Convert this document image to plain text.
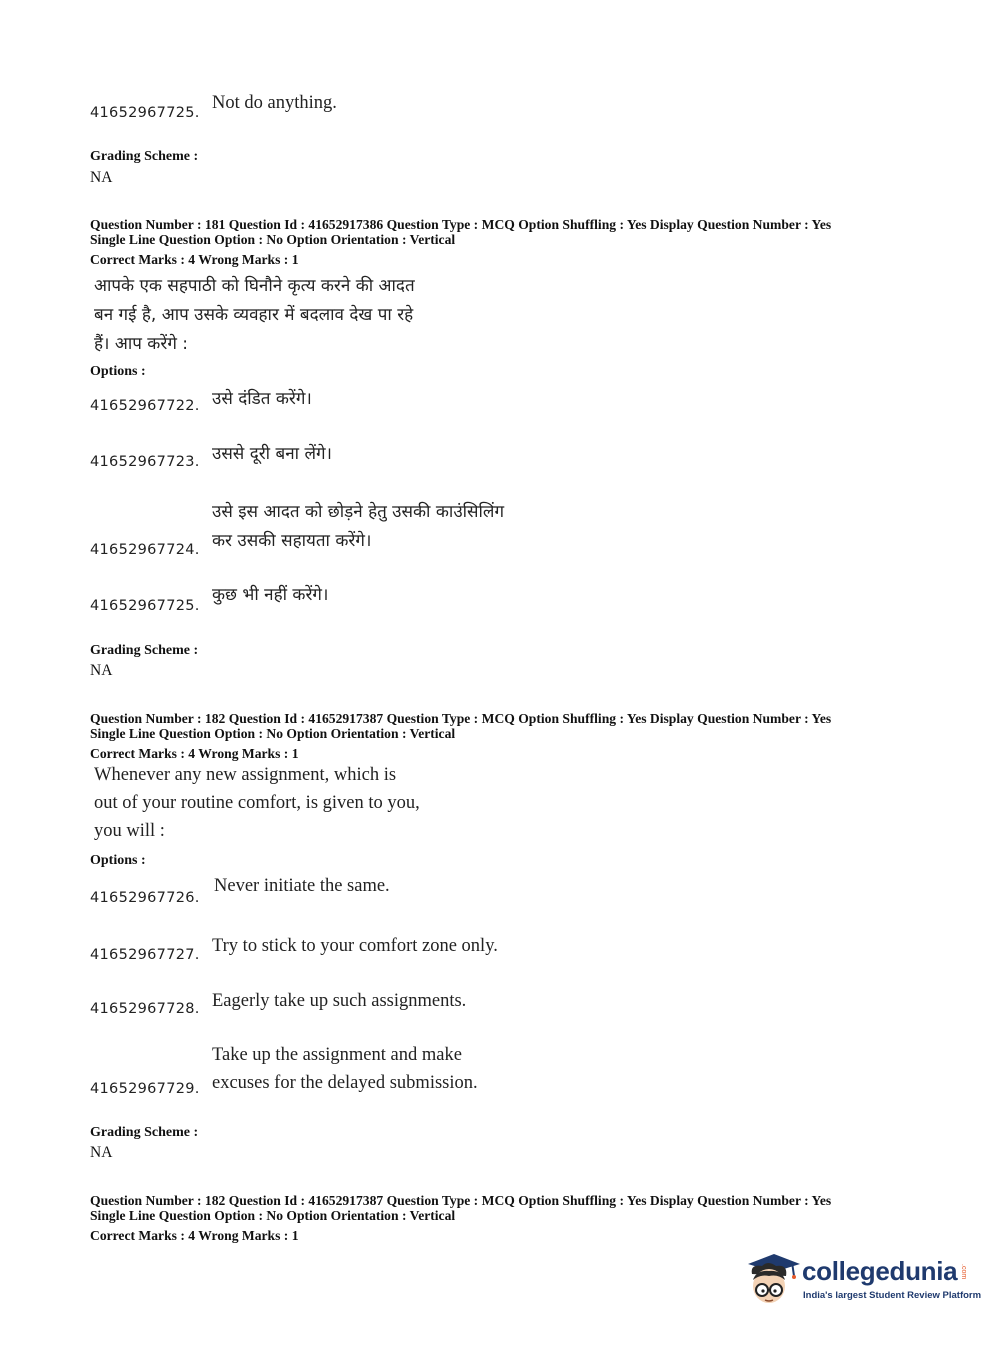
41652967725. Not do anything.
Grading Scheme :
NA
Question Number : 181 Question Id : 41652917386 Question Type : MCQ Option Shuffling : Yes Display Question Number : Yes
Single Line Question Option : No Option Orientation : Vertical
Correct Marks : 4 Wrong Marks : 1
आपके एक सहपाठी को घिनौने कृत्य करने की आदत
बन गई है, आप उसके व्यवहार में बदलाव देख पा रहे
हैं। आप करेंगे :
Options :
41652967722. उसे दंडित करेंगे।
41652967723. उससे दूरी बना लेंगे।
उसे इस आदत को छोड़ने हेतु उसकी काउंसिलिंग
41652967724. कर उसकी सहायता करेंगे।
41652967725.
कुछ भी नहीं करेंगे।
Grading Scheme :
NA
Question Number : 182 Question Id : 41652917387 Question Type : MCQ Option Shuffling : Yes Display Question Number : Yes
Single Line Question Option : No Option Orientation : Vertical
Correct Marks : 4 Wrong Marks : 1
Whenever any new assignment, which is
out of your routine comfort, is given to you,
you will :
Options :
41652967726.
Never initiate the same.
41652967727. Try to stick to your comfort zone only.
41652967728. Eagerly take up such assignments.
Take up the assignment and make
41652967729. excuses for the delayed submission.
Grading Scheme :
NA
Question Number : 182 Question Id : 41652917387 Question Type : MCQ Option Shuffling : Yes Display Question Number : Yes
Single Line Question Option : No Option Orientation : Vertical
Correct Marks : 4 Wrong Marks : 1
collegedunia .com
India's largest Student Review Platform
